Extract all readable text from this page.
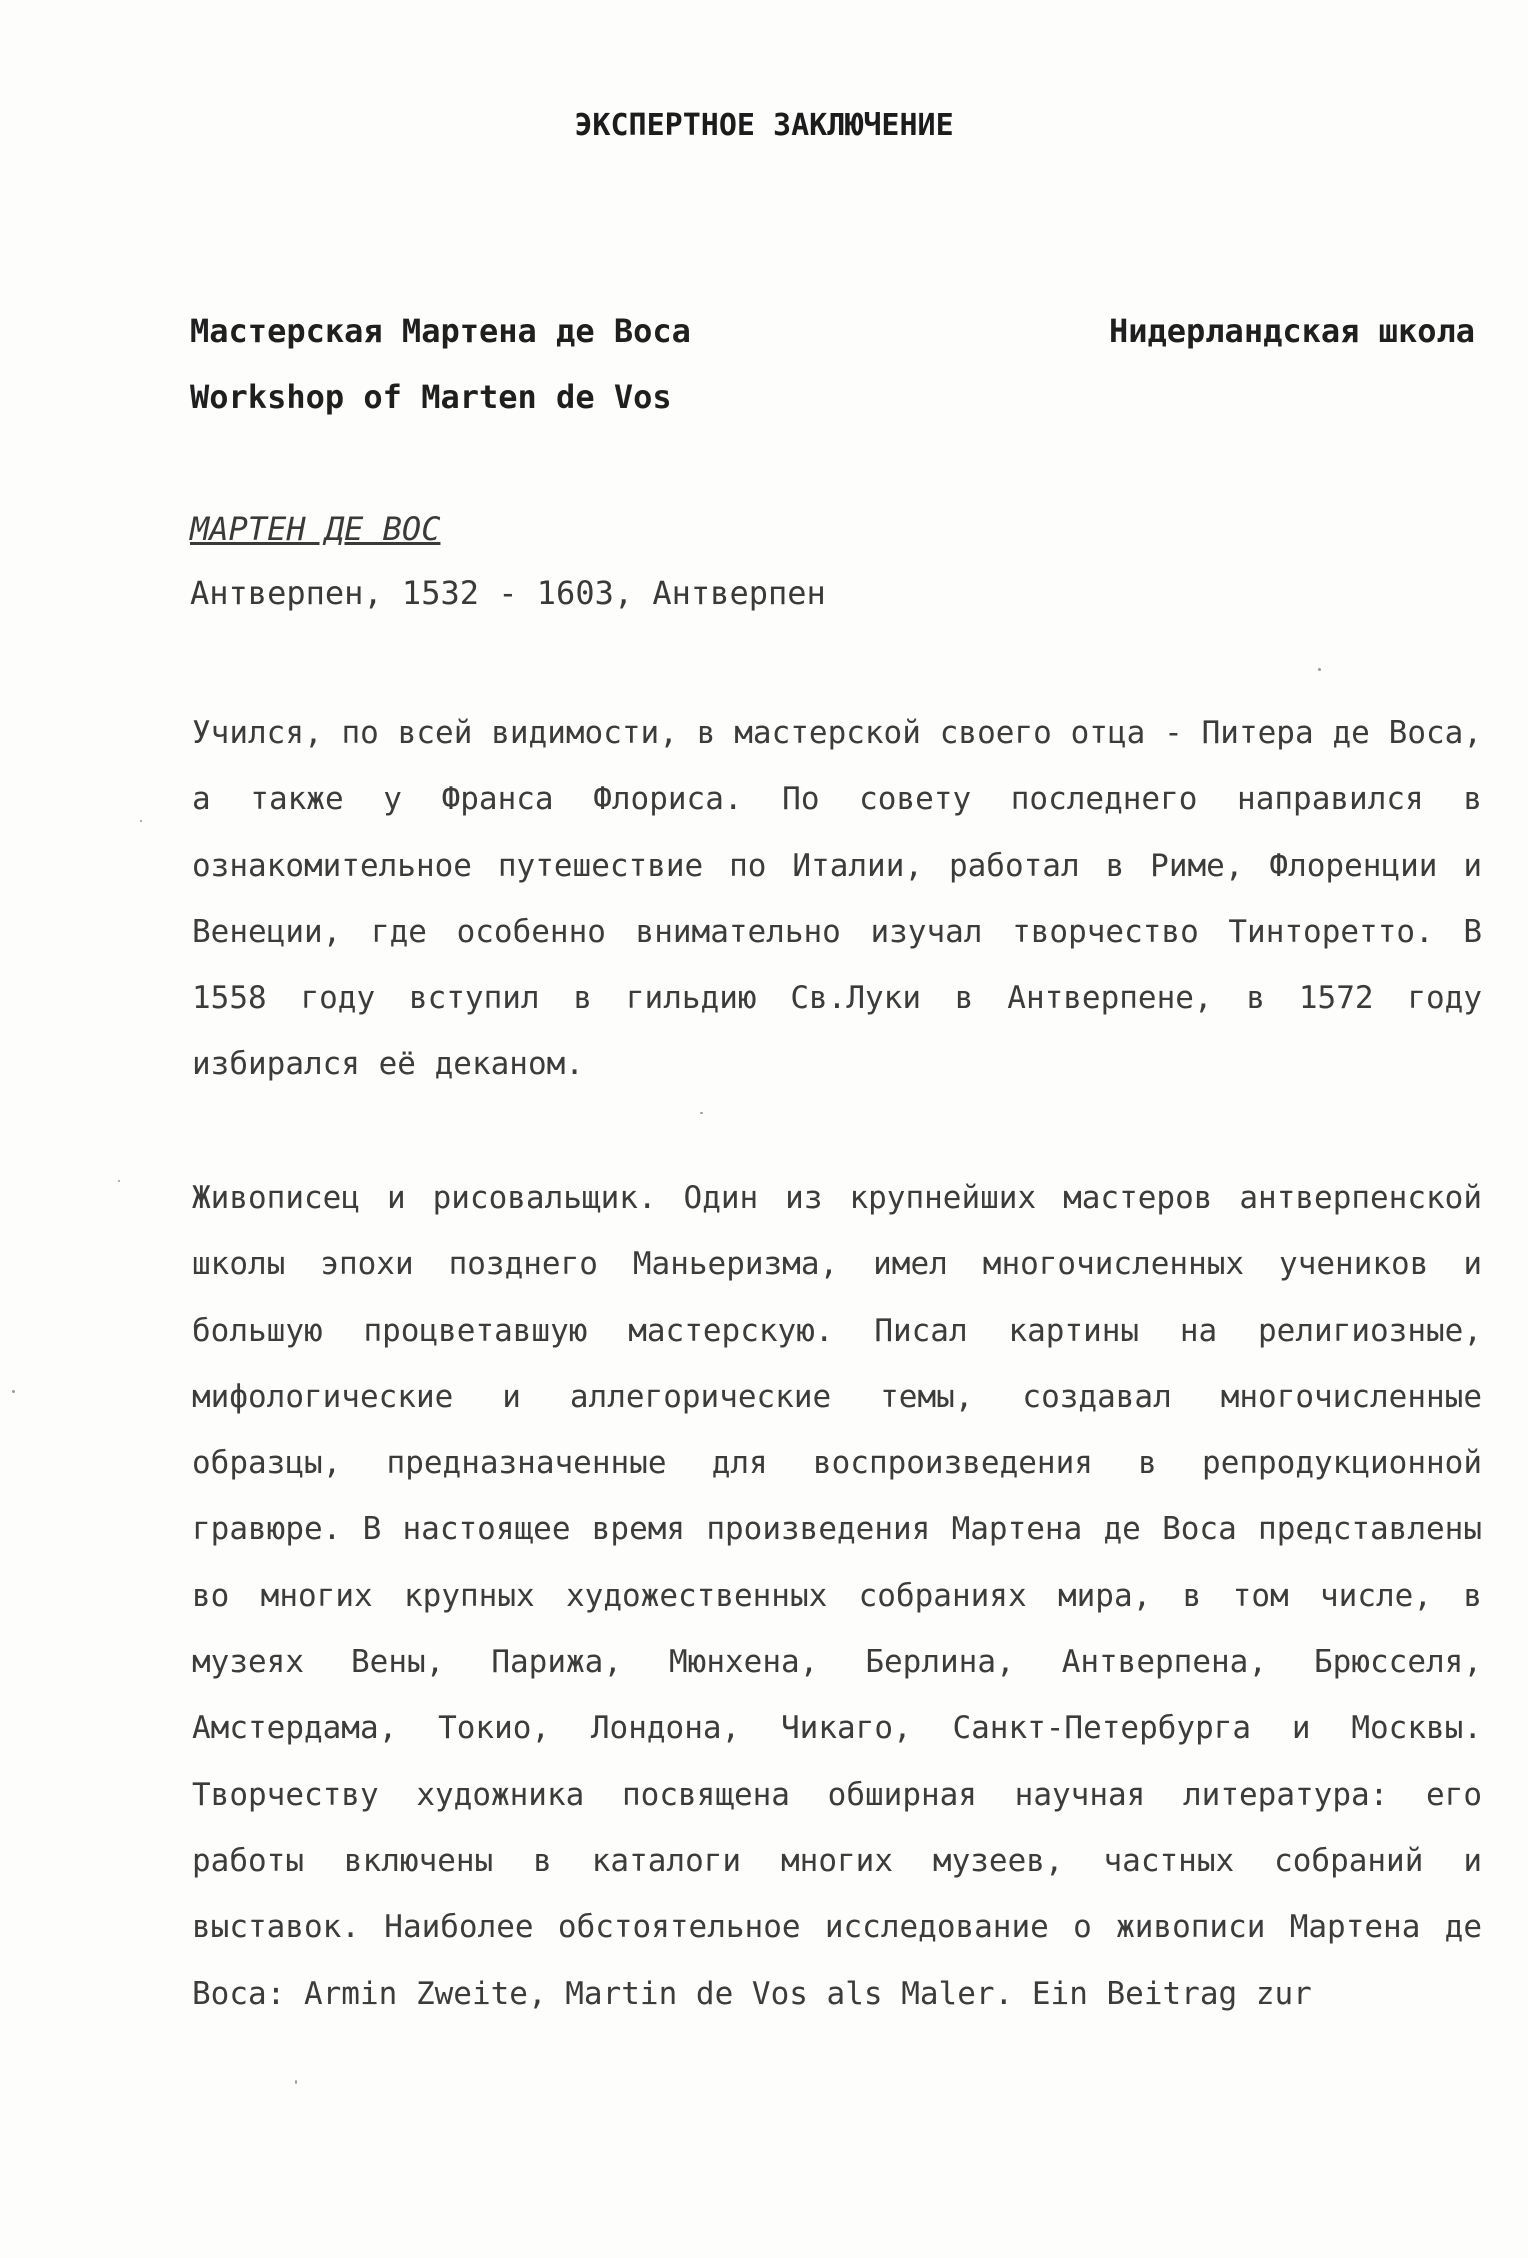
ЭКСПЕРТНОЕ ЗАКЛЮЧЕНИЕ
Мастерская Мартена де Воса	Нидерландская школа
Workshop of Marten de Vos
МАРТЕН ДЕ ВОС
Антверпен, 1532 - 1603, Антверпен
Учился, по всей видимости, в мастерской своего отца - Питера де Воса, а также у Франса Флориса. По совету последнего направился в ознакомительное путешествие по Италии, работал в Риме, Флоренции и Венеции, где особенно внимательно изучал творчество Тинторетто. В 1558 году вступил в гильдию Св.Луки в Антверпене, в 1572 году избирался её деканом.
Живописец и рисовальщик. Один из крупнейших мастеров антверпенской школы эпохи позднего Маньеризма, имел многочисленных учеников и большую процветавшую мастерскую. Писал картины на религиозные, мифологические и аллегорические темы, создавал многочисленные образцы, предназначенные для воспроизведения в репродукционной гравюре. В настоящее время произведения Мартена де Воса представлены во многих крупных художественных собраниях мира, в том числе, в музеях Вены, Парижа, Мюнхена, Берлина, Антверпена, Брюсселя, Амстердама, Токио, Лондона, Чикаго, Санкт-Петербурга и Москвы. Творчеству художника посвящена обширная научная литература: его работы включены в каталоги многих музеев, частных собраний и выставок. Наиболее обстоятельное исследование о живописи Мартена де Воса: Armin Zweite, Martin de Vos als Maler. Ein Beitrag zur
